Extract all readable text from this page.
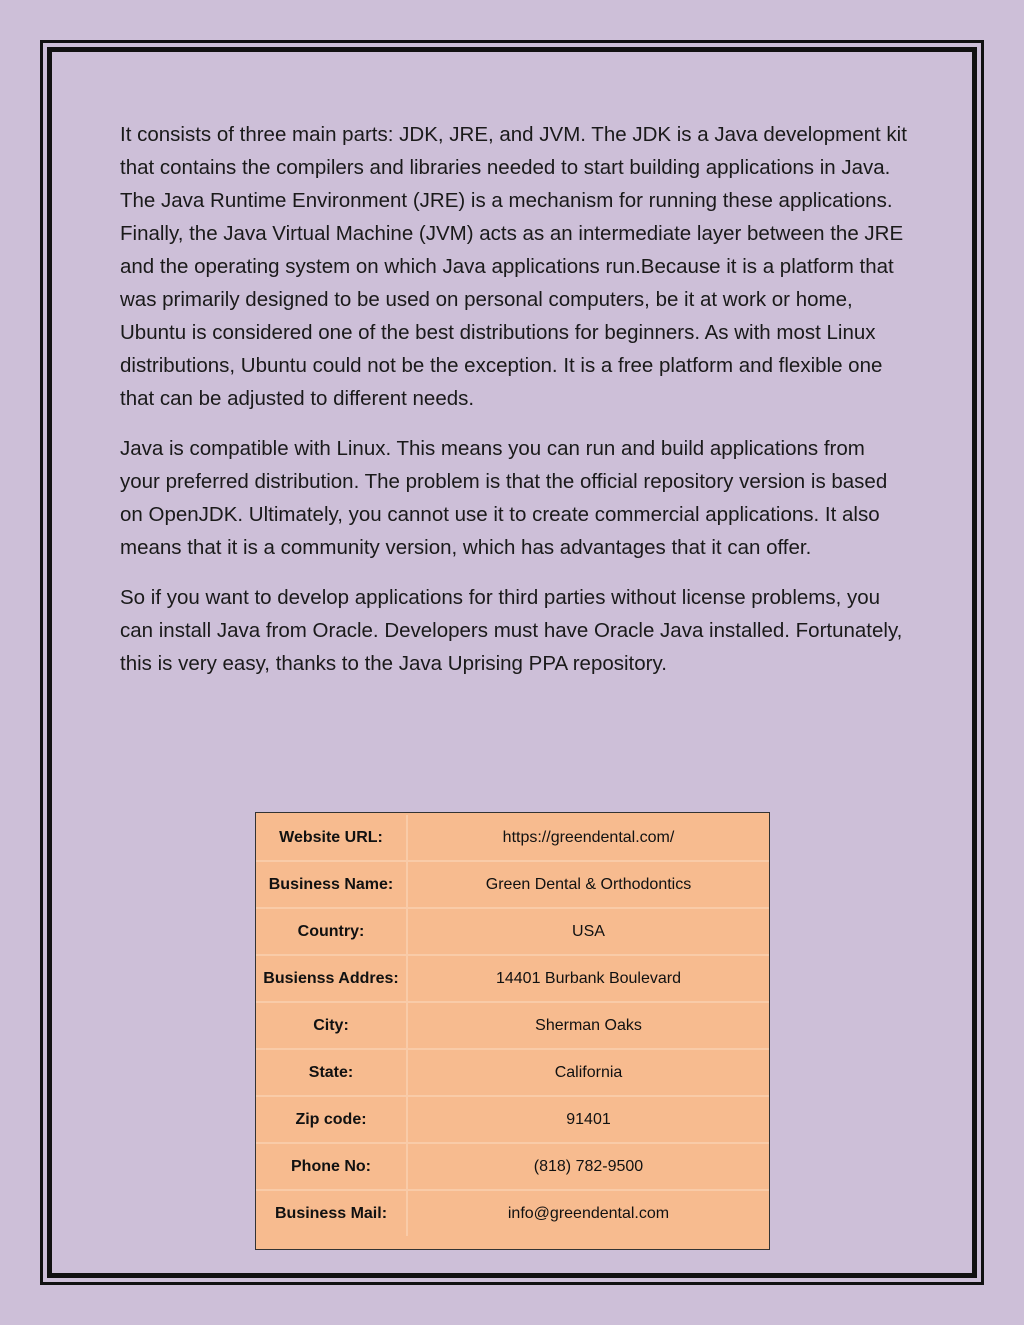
It consists of three main parts: JDK, JRE, and JVM. The JDK is a Java development kit that contains the compilers and libraries needed to start building applications in Java. The Java Runtime Environment (JRE) is a mechanism for running these applications. Finally, the Java Virtual Machine (JVM) acts as an intermediate layer between the JRE and the operating system on which Java applications run.Because it is a platform that was primarily designed to be used on personal computers, be it at work or home, Ubuntu is considered one of the best distributions for beginners. As with most Linux distributions, Ubuntu could not be the exception. It is a free platform and flexible one that can be adjusted to different needs.

Java is compatible with Linux. This means you can run and build applications from your preferred distribution. The problem is that the official repository version is based on OpenJDK. Ultimately, you cannot use it to create commercial applications. It also means that it is a community version, which has advantages that it can offer.

So if you want to develop applications for third parties without license problems, you can install Java from Oracle. Developers must have Oracle Java installed. Fortunately, this is very easy, thanks to the Java Uprising PPA repository.

Website URL:	https://greendental.com/
Business Name:	Green Dental & Orthodontics
Country:	USA
Busienss Addres:	14401 Burbank Boulevard
City:	Sherman Oaks
State:	California
Zip code:	91401
Phone No:	(818) 782-9500
Business Mail:	info@greendental.com
